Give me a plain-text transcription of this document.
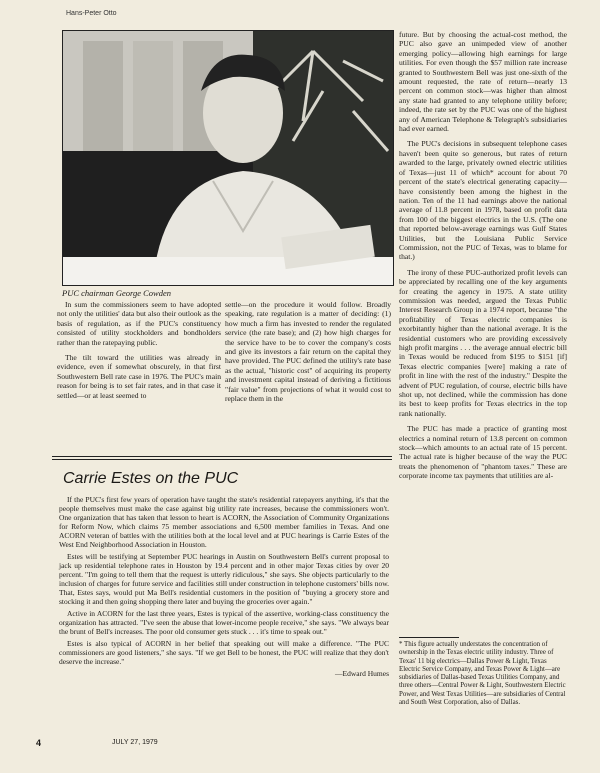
Hans-Peter Otto
PUC chairman George Cowden

In sum the commissioners seem to have adopted not only the utilities' data but also their outlook as the basis of regulation, as if the PUC's constituency consisted of utility stockholders and bondholders rather than the ratepaying public.

The tilt toward the utilities was already in evidence, even if somewhat obscurely, in that first Southwestern Bell rate case in 1976. The PUC's main reason for being is to set fair rates, and in that case it settled—or at least seemed to

settle—on the procedure it would follow. Broadly speaking, rate regulation is a matter of deciding: (1) how much a firm has invested to render the regulated service (the rate base); and (2) how high charges for the service have to be to cover the company's costs and give its investors a fair return on the capital they have provided. The PUC defined the utility's rate base as the actual, "historic cost" of acquiring its property and investment capital instead of deriving a fictitious "fair value" from projections of what it would cost to replace them in the

future. But by choosing the actual-cost method, the PUC also gave an unimpeded view of another emerging policy—allowing high earnings for large utilities. For even though the $57 million rate increase granted to Southwestern Bell was just one-sixth of the amount requested, the rate of return—nearly 13 percent on common stock—was higher than almost any state had granted to any telephone utility before; indeed, the rate set by the PUC was one of the highest any of American Telephone & Telegraph's subsidiaries had ever earned.

The PUC's decisions in subsequent telephone cases haven't been quite so generous, but rates of return awarded to the large, privately owned electric utilities of Texas—just 11 of which* account for about 70 percent of the state's electrical generating capacity—have consistently been among the highest in the nation. Ten of the 11 had earnings above the national average of 11.8 percent in 1978, based on profit data from 100 of the biggest electrics in the U.S. (The one that reported below-average earnings was Gulf States Utilities, but the Louisiana Public Service Commission, not the PUC of Texas, was to blame for that.)

The irony of these PUC-authorized profit levels can be appreciated by recalling one of the key arguments for creating the agency in 1975. A state utility commission was needed, argued the Texas Public Interest Research Group in a 1974 report, because "the profitability of Texas electric companies is exorbitantly higher than the national average. It is the residential customers who are providing excessively high profit margins . . . the average annual electric bill in Texas would be reduced from $195 to $151 [if] Texas electric companies [were] making a rate of profit in line with the rest of the industry." Despite the advent of PUC regulation, of course, electric bills have shot up, not declined, while the commission has done its best to keep profits for Texas electrics in the top rank nationally.

The PUC has made a practice of granting most electrics a nominal return of 13.8 percent on common stock—which amounts to an actual rate of 15 percent. The actual rate is higher because of the way the PUC treats the phenomenon of "phantom taxes." These are corporate income tax payments that utilities are al-

Carrie Estes on the PUC

If the PUC's first few years of operation have taught the state's residential ratepayers anything, it's that the people themselves must make the case against big utility rate increases, because the commissioners won't. One organization that has taken that lesson to heart is ACORN, the Association of Community Organizations for Reform Now, which claims 75 member associations and 6,500 member families in Texas. And one ACORN veteran of battles with the utilities both at the local level and at PUC hearings is Carrie Estes of the West End Neighborhood Association in Houston.

Estes will be testifying at September PUC hearings in Austin on Southwestern Bell's current proposal to jack up residential telephone rates in Houston by 19.4 percent and in other major Texas cities by over 20 percent. "I'm going to tell them that the request is utterly ridiculous," she says. She objects particularly to the inclusion of charges for future service and facilities still under construction in telephone customers' bills now. That, Estes says, would put Ma Bell's residential customers in the position of "buying a grocery store and stocking it and then going shopping there later and buying the groceries over again."

Active in ACORN for the last three years, Estes is typical of the assertive, working-class constituency the organization has attracted. "I've seen the abuse that lower-income people receive," she says. "We always bear the brunt of Bell's increases. The poor old consumer gets stuck . . . it's time to speak out."

Estes is also typical of ACORN in her belief that speaking out will make a difference. "The PUC commissioners are good listeners," she says. "If we get Bell to be honest, the PUC will realize that they don't deserve the increase."

—Edward Humes

* This figure actually understates the concentration of ownership in the Texas electric utility industry. Three of Texas' 11 big electrics—Dallas Power & Light, Texas Electric Service Company, and Texas Power & Light—are subsidiaries of Dallas-based Texas Utilities Company, and three others—Central Power & Light, Southwestern Electric Power, and West Texas Utilities—are subsidiaries of Central and South West Corporation, also of Dallas.
4	JULY 27, 1979
